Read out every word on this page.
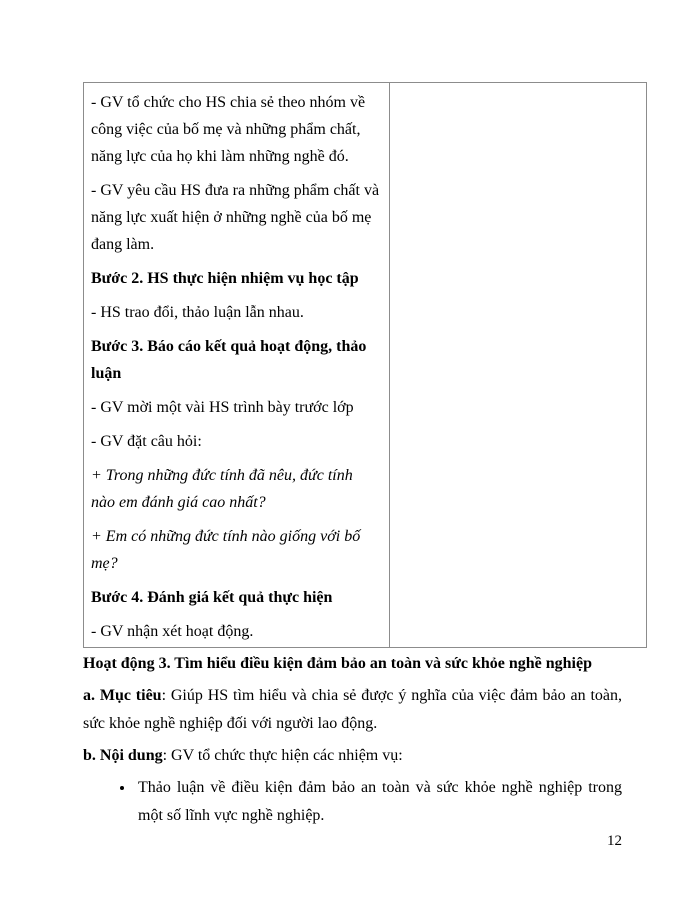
- GV tổ chức cho HS chia sẻ theo nhóm về công việc của bố mẹ và những phẩm chất, năng lực của họ khi làm những nghề đó.

- GV yêu cầu HS đưa ra những phẩm chất và năng lực xuất hiện ở những nghề của bố mẹ đang làm.

Bước 2. HS thực hiện nhiệm vụ học tập

- HS trao đổi, thảo luận lẫn nhau.

Bước 3. Báo cáo kết quả hoạt động, thảo luận

- GV mời một vài HS trình bày trước lớp

- GV đặt câu hỏi:

+ Trong những đức tính đã nêu, đức tính nào em đánh giá cao nhất?

+ Em có những đức tính nào giống với bố mẹ?

Bước 4. Đánh giá kết quả thực hiện

- GV nhận xét hoạt động.

Hoạt động 3. Tìm hiểu điều kiện đảm bảo an toàn và sức khỏe nghề nghiệp

a. Mục tiêu: Giúp HS tìm hiểu và chia sẻ được ý nghĩa của việc đảm bảo an toàn, sức khỏe nghề nghiệp đối với người lao động.

b. Nội dung: GV tổ chức thực hiện các nhiệm vụ:

• Thảo luận về điều kiện đảm bảo an toàn và sức khỏe nghề nghiệp trong một số lĩnh vực nghề nghiệp.
12
